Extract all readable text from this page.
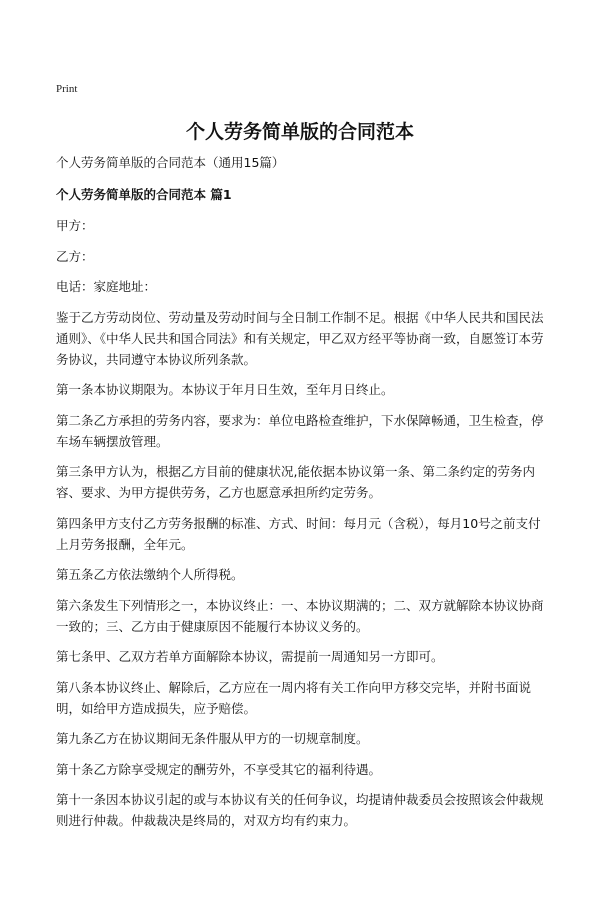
Print
个人劳务简单版的合同范本

个人劳务简单版的合同范本（通用15篇）

个人劳务简单版的合同范本 篇1

甲方：

乙方：

电话：家庭地址：

鉴于乙方劳动岗位、劳动量及劳动时间与全日制工作制不足。根据《中华人民共和国民法通则》、《中华人民共和国合同法》和有关规定，甲乙双方经平等协商一致，自愿签订本劳务协议，共同遵守本协议所列条款。

第一条本协议期限为。本协议于年月日生效，至年月日终止。

第二条乙方承担的劳务内容，要求为：单位电路检查维护，下水保障畅通，卫生检查，停车场车辆摆放管理。

第三条甲方认为，根据乙方目前的健康状况,能依据本协议第一条、第二条约定的劳务内容、要求、为甲方提供劳务，乙方也愿意承担所约定劳务。

第四条甲方支付乙方劳务报酬的标准、方式、时间：每月元（含税），每月10号之前支付上月劳务报酬，全年元。

第五条乙方依法缴纳个人所得税。

第六条发生下列情形之一，本协议终止：一、本协议期满的；二、双方就解除本协议协商一致的；三、乙方由于健康原因不能履行本协议义务的。

第七条甲、乙双方若单方面解除本协议，需提前一周通知另一方即可。

第八条本协议终止、解除后，乙方应在一周内将有关工作向甲方移交完毕，并附书面说明，如给甲方造成损失，应予赔偿。

第九条乙方在协议期间无条件服从甲方的一切规章制度。

第十条乙方除享受规定的酬劳外，不享受其它的福利待遇。

第十一条因本协议引起的或与本协议有关的任何争议，均提请仲裁委员会按照该会仲裁规则进行仲裁。仲裁裁决是终局的，对双方均有约束力。
